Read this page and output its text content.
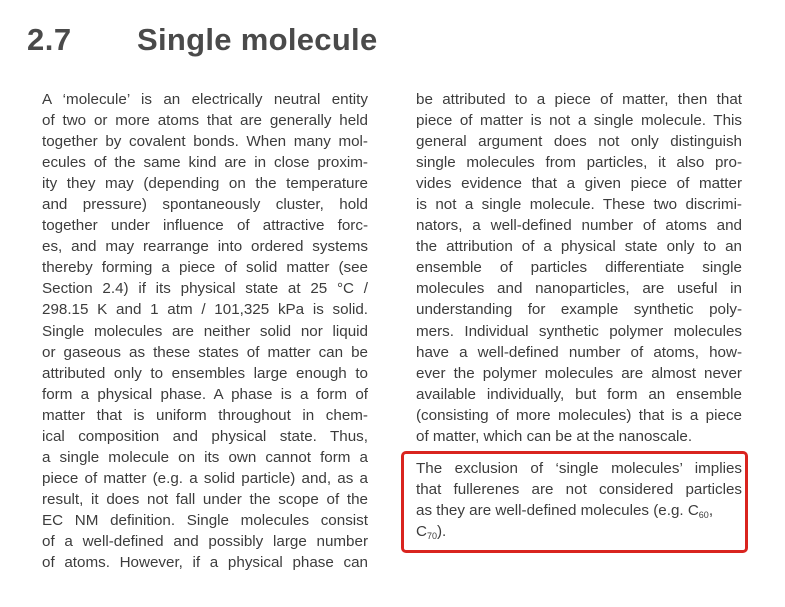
2.7	Single molecule
A ‘molecule’ is an electrically neutral entity
of two or more atoms that are generally held
together by covalent bonds. When many mol-
ecules of the same kind are in close proxim-
ity they may (depending on the temperature
and pressure) spontaneously cluster, hold
together under influence of attractive forc-
es, and may rearrange into ordered systems
thereby forming a piece of solid matter (see
Section 2.4) if its physical state at 25 °C /
298.15 K and 1 atm / 101,325 kPa is solid.
Single molecules are neither solid nor liquid
or gaseous as these states of matter can be
attributed only to ensembles large enough to
form a physical phase. A phase is a form of
matter that is uniform throughout in chem-
ical composition and physical state. Thus,
a single molecule on its own cannot form a
piece of matter (e.g. a solid particle) and, as a
result, it does not fall under the scope of the
EC NM definition. Single molecules consist
of a well-defined and possibly large number
of atoms. However, if a physical phase can
be attributed to a piece of matter, then that
piece of matter is not a single molecule. This
general argument does not only distinguish
single molecules from particles, it also pro-
vides evidence that a given piece of matter
is not a single molecule. These two discrimi-
nators, a well-defined number of atoms and
the attribution of a physical state only to an
ensemble of particles differentiate single
molecules and nanoparticles, are useful in
understanding for example synthetic poly-
mers. Individual synthetic polymer molecules
have a well-defined number of atoms, how-
ever the polymer molecules are almost never
available individually, but form an ensemble
(consisting of more molecules) that is a piece
of matter, which can be at the nanoscale.
The exclusion of ‘single molecules’ implies
that fullerenes are not considered particles
as they are well-defined molecules (e.g. $C_{60}$,
$C_{70}$).
